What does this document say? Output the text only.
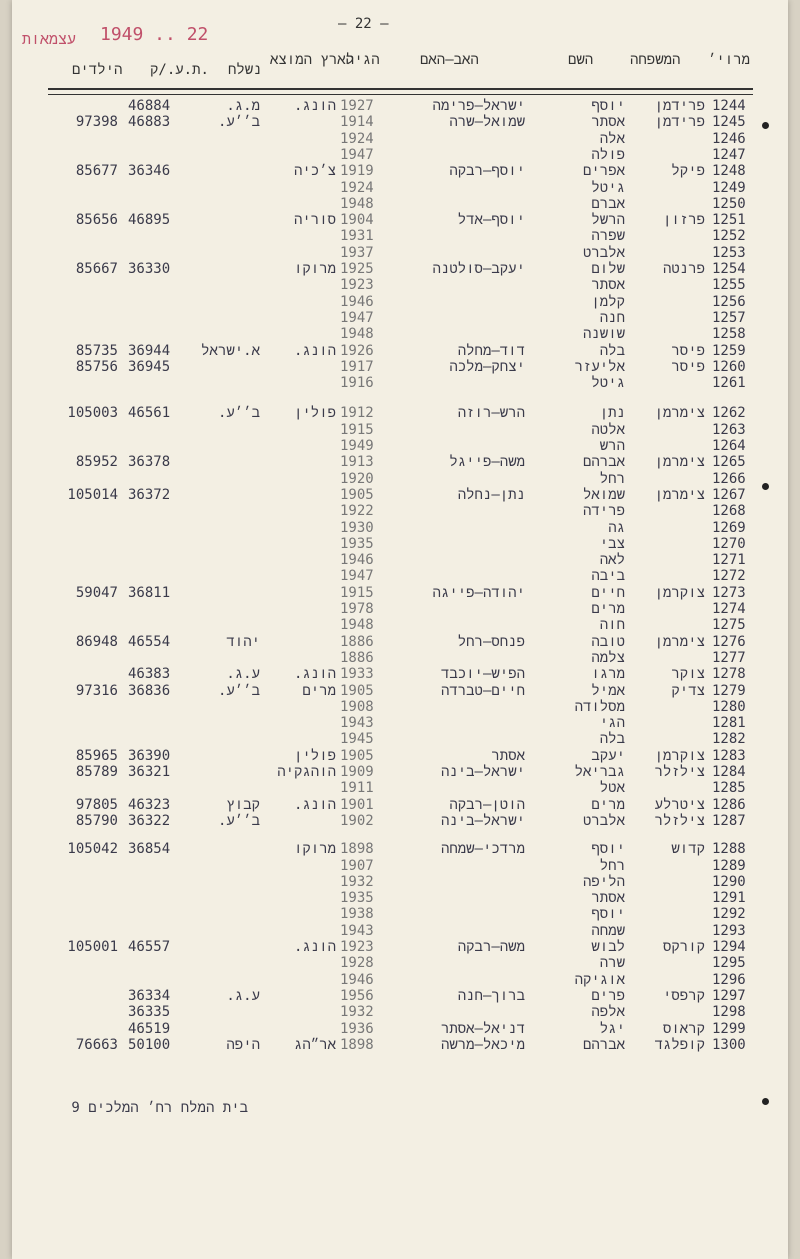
עצמאות 1949 .. 22	– 22 –
מרוי׳
המשפחה
השם
האב–האם
הגיל
הארץ המוצא
נשלח
ת.ע./ק.
הילדים
1244
פרידמן
יוסף
ישראל–פרימה
1927
הונג.
מ.ג.
46884
1245
פרידמן
אסתר
שמואל–שרה
1914
ב׳׳ע.
46883
97398
1246
אלה
1924
1247
פולה
1947
1248
פיקל
אפרים
יוסף–רבקה
1919
צ׳כיה
36346
85677
1249
גיטל
1924
1250
אברם
1948
1251
פרזון
הרשל
יוסף–אדל
1904
סוריה
46895
85656
1252
שפרה
1931
1253
אלברט
1937
1254
פרנטה
שלום
יעקב–סולטנה
1925
מרוקו
36330
85667
1255
אסתר
1923
1256
קלמן
1946
1257
חנה
1947
1258
שושנה
1948
1259
פיסר
בלה
דוד–מחלה
1926
הונג.
א.ישראל
36944
85735
1260
פיסר
אליעזר
יצחק–מלכה
1917
36945
85756
1261
גיטל
1916
1262
צימרמן
נתן
הרש–רוזה
1912
פולין
ב׳׳ע.
46561
105003
1263
אלטה
1915
1264
הרש
1949
1265
צימרמן
אברהם
משה–פייגל
1913
36378
85952
1266
רחל
1920
1267
צימרמן
שמואל
נתן–נחלה
1905
36372
105014
1268
פרידה
1922
1269
גה
1930
1270
צבי
1935
1271
לאה
1946
1272
ביבה
1947
1273
צוקרמן
חיים
יהודה–פייגה
1915
36811
59047
1274
מרים
1978
1275
חוה
1948
1276
צימרמן
טובה
פנחס–רחל
1886
יהוד
46554
86948
1277
צלמה
1886
1278
צוקר
מרגו
הפיש–יוכבד
1933
הונג.
ע.ג.
46383
1279
צדיק
אמיל
חיים–טברדה
1905
מרים
ב׳׳ע.
36836
97316
1280
מסלודה
1908
1281
הגי
1943
1282
בלה
1945
1283
צוקרמן
יעקב
אסתר
1905
פולין
36390
85965
1284
צילזלר
גבריאל
ישראל–בינה
1909
הוהגקיה
36321
85789
1285
אטל
1911
1286
ציטרלע
מרים
הוטן–רבקה
1901
הונג.
קבוץ
46323
97805
1287
צילזלר
אלברט
ישראל–בינה
1902
ב׳׳ע.
36322
85790
1288
קדוש
יוסף
מרדכי–שמחה
1898
מרוקו
36854
105042
1289
רחל
1907
1290
הליפה
1932
1291
אסתר
1935
1292
יוסף
1938
1293
שמחה
1943
1294
קורקס
לבוש
משה–רבקה
1923
הונג.
46557
105001
1295
שרה
1928
1296
אוגיקה
1946
1297
קרפסי
פרים
ברוך–חנה
1956
ע.ג.
36334
1298
אלפה
1932
36335
1299
קראוס
יגל
דניאל–אסתר
1936
46519
1300
קופלגד
אברהם
מיכאל–מרשה
1898
אר״הג
היפה
50100
76663
בית המלח רח׳ המלכים 9
